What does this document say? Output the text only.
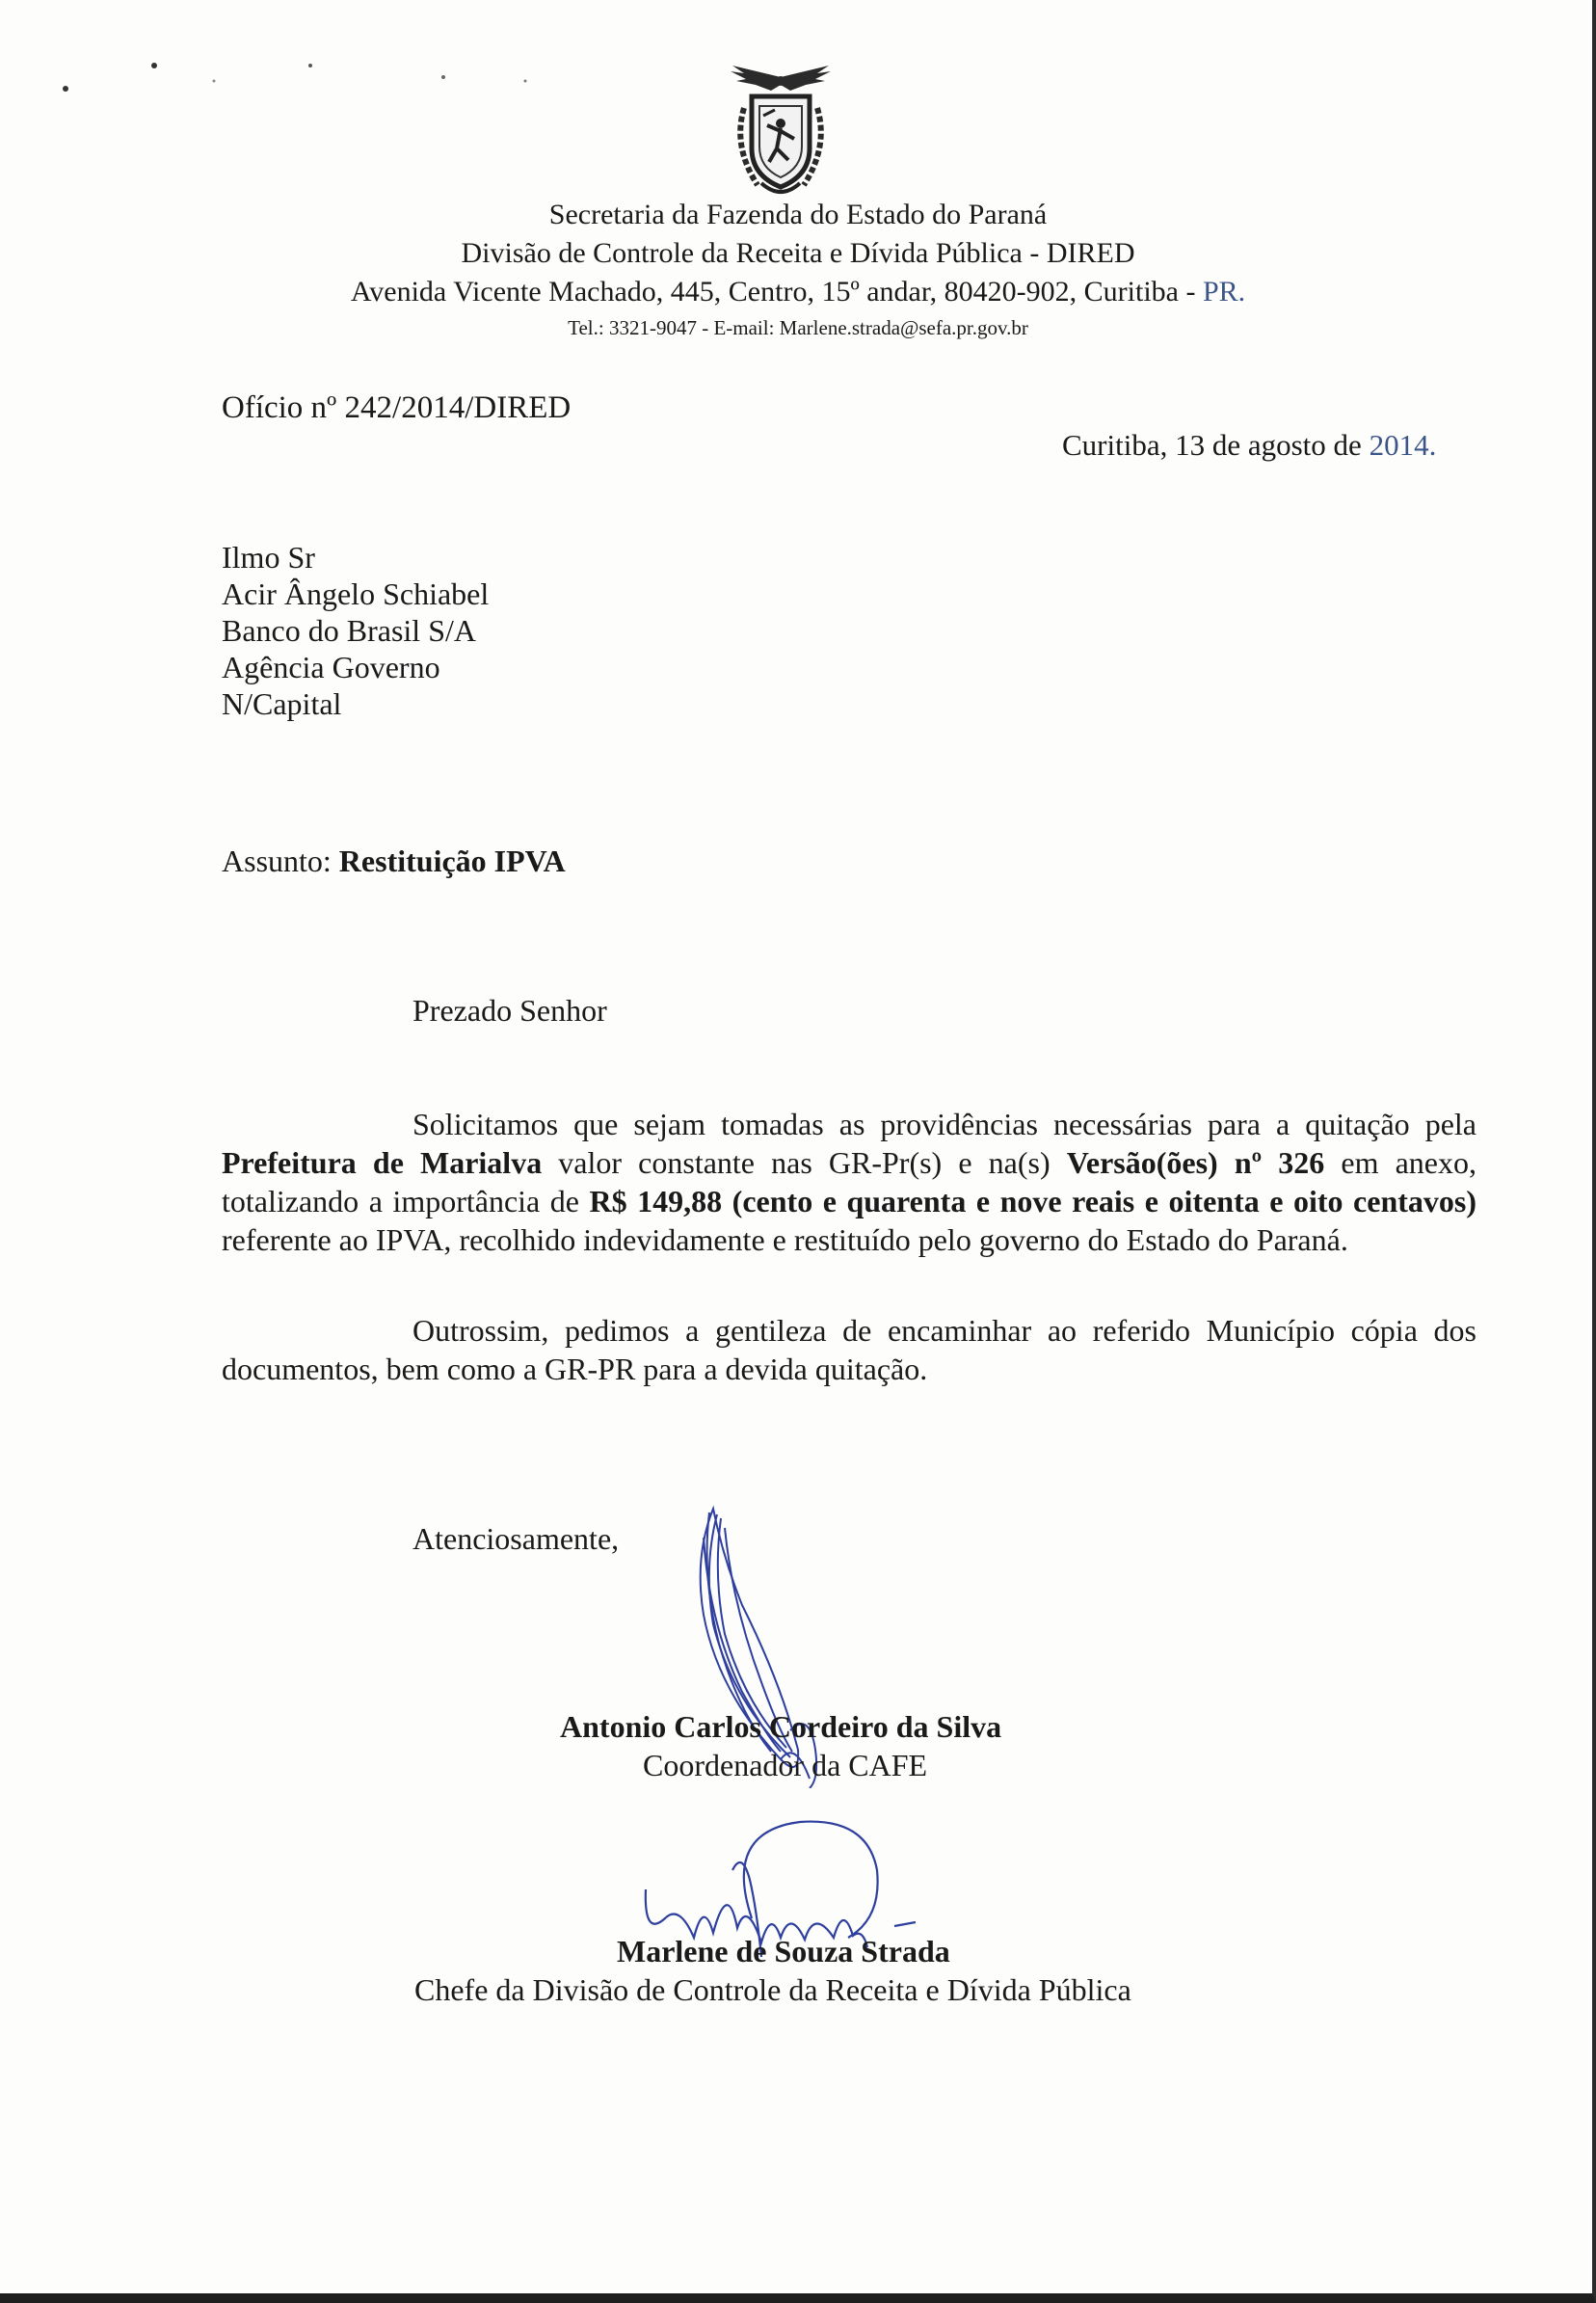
Secretaria da Fazenda do Estado do Paraná
Divisão de Controle da Receita e Dívida Pública - DIRED
Avenida Vicente Machado, 445, Centro, 15º andar, 80420-902, Curitiba - PR.
Tel.: 3321-9047 - E-mail: Marlene.strada@sefa.pr.gov.br
Ofício nº 242/2014/DIRED
Curitiba, 13 de agosto de 2014.
Ilmo Sr
Acir Ângelo Schiabel
Banco do Brasil S/A
Agência Governo
N/Capital
Assunto: Restituição IPVA
Prezado Senhor

Solicitamos que sejam tomadas as providências necessárias para a quitação pela Prefeitura de Marialva valor constante nas GR-Pr(s) e na(s) Versão(ões) nº 326 em anexo, totalizando a importância de R$ 149,88 (cento e quarenta e nove reais e oitenta e oito centavos) referente ao IPVA, recolhido indevidamente e restituído pelo governo do Estado do Paraná.

Outrossim, pedimos a gentileza de encaminhar ao referido Município cópia dos documentos, bem como a GR-PR para a devida quitação.

Atenciosamente,
Antonio Carlos Cordeiro da Silva
Coordenador da CAFE
Marlene de Souza Strada
Chefe da Divisão de Controle da Receita e Dívida Pública
